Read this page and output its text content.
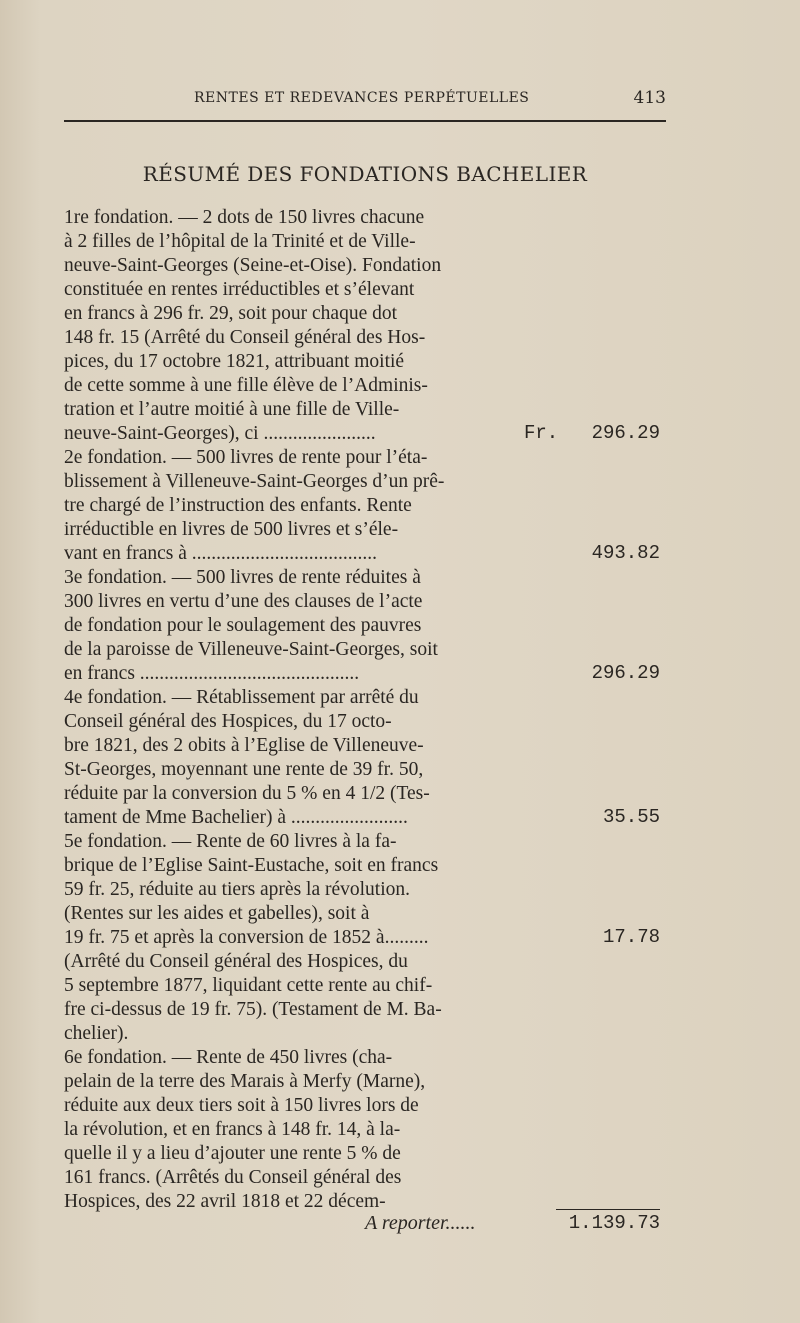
RENTES ET REDEVANCES PERPÉTUELLES	413
RÉSUMÉ DES FONDATIONS BACHELIER
1re fondation. — 2 dots de 150 livres chacune
à 2 filles de l’hôpital de la Trinité et de Ville-
neuve-Saint-Georges (Seine-et-Oise). Fondation
constituée en rentes irréductibles et s’élevant
en francs à 296 fr. 29, soit pour chaque dot
148 fr. 15 (Arrêté du Conseil général des Hos-
pices, du 17 octobre 1821, attribuant moitié
de cette somme à une fille élève de l’Adminis-
tration et l’autre moitié à une fille de Ville-
neuve-Saint-Georges), ci .......................	Fr. 296.29
2e fondation. — 500 livres de rente pour l’éta-
blissement à Villeneuve-Saint-Georges d’un prê-
tre chargé de l’instruction des enfants. Rente
irréductible en livres de 500 livres et s’éle-
vant en francs à ......................................	493.82
3e fondation. — 500 livres de rente réduites à
300 livres en vertu d’une des clauses de l’acte
de fondation pour le soulagement des pauvres
de la paroisse de Villeneuve-Saint-Georges, soit
en francs .............................................	296.29
4e fondation. — Rétablissement par arrêté du
Conseil général des Hospices, du 17 octo-
bre 1821, des 2 obits à l’Eglise de Villeneuve-
St-Georges, moyennant une rente de 39 fr. 50,
réduite par la conversion du 5 % en 4 1/2 (Tes-
tament de Mme Bachelier) à ........................	35.55
5e fondation. — Rente de 60 livres à la fa-
brique de l’Eglise Saint-Eustache, soit en francs
59 fr. 25, réduite au tiers après la révolution.
(Rentes sur les aides et gabelles), soit à
19 fr. 75 et après la conversion de 1852 à.........	17.78
(Arrêté du Conseil général des Hospices, du
5 septembre 1877, liquidant cette rente au chif-
fre ci-dessus de 19 fr. 75). (Testament de M. Ba-
chelier).
6e fondation. — Rente de 450 livres (cha-
pelain de la terre des Marais à Merfy (Marne),
réduite aux deux tiers soit à 150 livres lors de
la révolution, et en francs à 148 fr. 14, à la-
quelle il y a lieu d’ajouter une rente 5 % de
161 francs. (Arrêtés du Conseil général des
Hospices, des 22 avril 1818 et 22 décem-
A reporter......	1.139.73
